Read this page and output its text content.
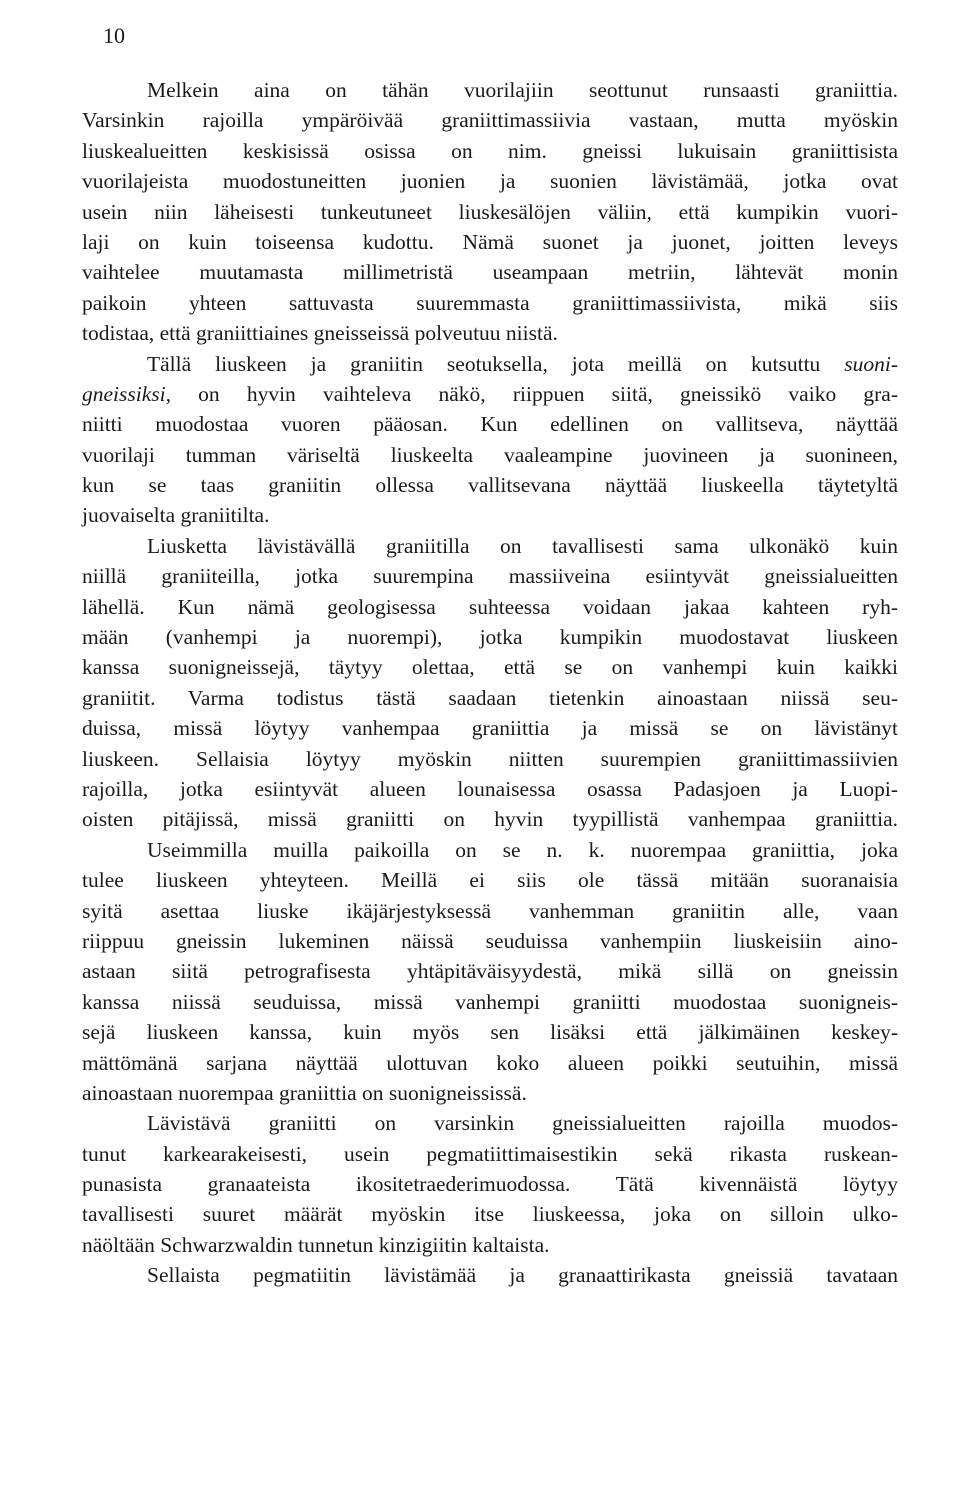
10
Melkein aina on tähän vuorilajiin seottunut runsaasti graniittia.
Varsinkin rajoilla ympäröivää graniittimassiivia vastaan, mutta myöskin
liuskealueitten keskisissä osissa on nim. gneissi lukuisain graniittisista
vuorilajeista muodostuneitten juonien ja suonien lävistämää, jotka ovat
usein niin läheisesti tunkeutuneet liuskesälöjen väliin, että kumpikin vuori-
laji on kuin toiseensa kudottu. Nämä suonet ja juonet, joitten leveys
vaihtelee muutamasta millimetristä useampaan metriin, lähtevät monin
paikoin yhteen sattuvasta suuremmasta graniittimassiivista, mikä siis
todistaa, että graniittiaines gneisseissä polveutuu niistä.
Tällä liuskeen ja graniitin seotuksella, jota meillä on kutsuttu suoni-
gneissiksi, on hyvin vaihteleva näkö, riippuen siitä, gneissikö vaiko gra-
niitti muodostaa vuoren pääosan. Kun edellinen on vallitseva, näyttää
vuorilaji tumman väriseltä liuskeelta vaaleampine juovineen ja suonineen,
kun se taas graniitin ollessa vallitsevana näyttää liuskeella täytetyltä
juovaiselta graniitilta.
Liusketta lävistävällä graniitilla on tavallisesti sama ulkonäkö kuin
niillä graniiteilla, jotka suurempina massiiveina esiintyvät gneissialueitten
lähellä. Kun nämä geologisessa suhteessa voidaan jakaa kahteen ryh-
mään (vanhempi ja nuorempi), jotka kumpikin muodostavat liuskeen
kanssa suonigneissejä, täytyy olettaa, että se on vanhempi kuin kaikki
graniitit. Varma todistus tästä saadaan tietenkin ainoastaan niissä seu-
duissa, missä löytyy vanhempaa graniittia ja missä se on lävistänyt
liuskeen. Sellaisia löytyy myöskin niitten suurempien graniittimassiivien
rajoilla, jotka esiintyvät alueen lounaisessa osassa Padasjoen ja Luopi-
oisten pitäjissä, missä graniitti on hyvin tyypillistä vanhempaa graniittia.
Useimmilla muilla paikoilla on se n. k. nuorempaa graniittia, joka
tulee liuskeen yhteyteen. Meillä ei siis ole tässä mitään suoranaisia
syitä asettaa liuske ikäjärjestyksessä vanhemman graniitin alle, vaan
riippuu gneissin lukeminen näissä seuduissa vanhempiin liuskeisiin aino-
astaan siitä petrografisesta yhtäpitäväisyydestä, mikä sillä on gneissin
kanssa niissä seuduissa, missä vanhempi graniitti muodostaa suonigneis-
sejä liuskeen kanssa, kuin myös sen lisäksi että jälkimäinen keskey-
mättömänä sarjana näyttää ulottuvan koko alueen poikki seutuihin, missä
ainoastaan nuorempaa graniittia on suonigneississä.
Lävistävä graniitti on varsinkin gneissialueitten rajoilla muodos-
tunut karkearakeisesti, usein pegmatiittimaisestikin sekä rikasta ruskean-
punasista granaateista ikositetraederimuodossa. Tätä kivennäistä löytyy
tavallisesti suuret määrät myöskin itse liuskeessa, joka on silloin ulko-
näöltään Schwarzwaldin tunnetun kinzigiitin kaltaista.
Sellaista pegmatiitin lävistämää ja granaattirikasta gneissiä tavataan
